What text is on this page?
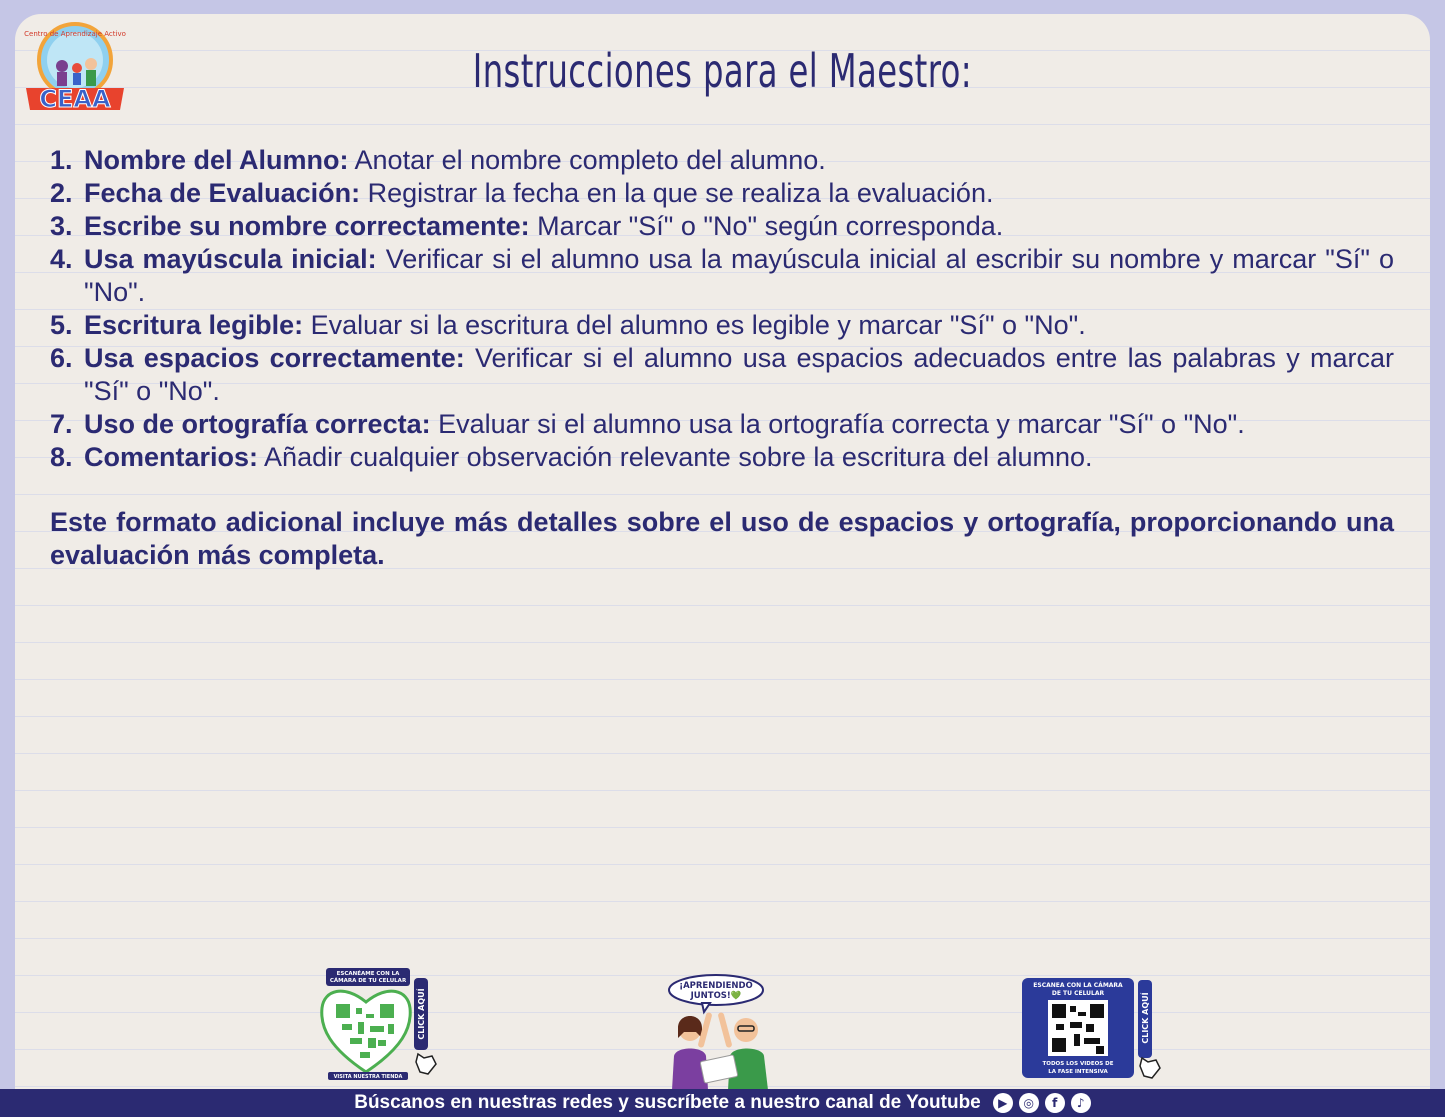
Centro de Aprendizaje Activo
CEAA
Instrucciones para el Maestro:
1. Nombre del Alumno: Anotar el nombre completo del alumno.
2. Fecha de Evaluación: Registrar la fecha en la que se realiza la evaluación.
3. Escribe su nombre correctamente: Marcar "Sí" o "No" según corresponda.
4. Usa mayúscula inicial: Verificar si el alumno usa la mayúscula inicial al escribir su nombre y marcar "Sí" o "No".
5. Escritura legible: Evaluar si la escritura del alumno es legible y marcar "Sí" o "No".
6. Usa espacios correctamente: Verificar si el alumno usa espacios adecuados entre las palabras y marcar "Sí" o "No".
7. Uso de ortografía correcta: Evaluar si el alumno usa la ortografía correcta y marcar "Sí" o "No".
8. Comentarios: Añadir cualquier observación relevante sobre la escritura del alumno.
Este formato adicional incluye más detalles sobre el uso de espacios y ortografía, proporcionando una evaluación más completa.
ESCANÉAME CON LA
CÁMARA DE TU CELULAR
VISITA NUESTRA TIENDA
CLICK AQUÍ
¡APRENDIENDO
JUNTOS!💚
ESCANEA CON LA CÁMARA
DE TU CELULAR
TODOS LOS VIDEOS DE
LA FASE INTENSIVA
CLICK AQUÍ
Búscanos en nuestras redes y suscríbete a nuestro canal de Youtube	▶	◎	f	♪
